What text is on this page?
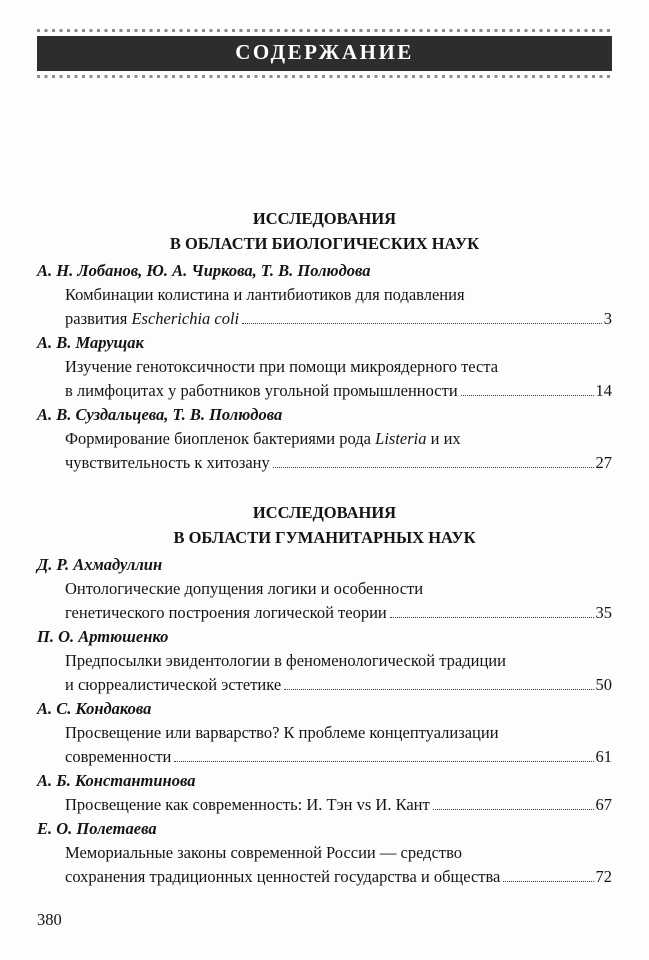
СОДЕРЖАНИЕ
ИССЛЕДОВАНИЯ
В ОБЛАСТИ БИОЛОГИЧЕСКИХ НАУК
А. Н. Лобанов, Ю. А. Чиркова, Т. В. Полюдова
Комбинации колистина и лантибиотиков для подавления
развития Escherichia coli	3
А. В. Марущак
Изучение генотоксичности при помощи микроядерного теста
в лимфоцитах у работников угольной промышленности	14
А. В. Суздальцева, Т. В. Полюдова
Формирование биопленок бактериями рода Listeria и их
чувствительность к хитозану	27
ИССЛЕДОВАНИЯ
В ОБЛАСТИ ГУМАНИТАРНЫХ НАУК
Д. Р. Ахмадуллин
Онтологические допущения логики и особенности
генетического построения логической теории	35
П. О. Артюшенко
Предпосылки эвидентологии в феноменологической традиции
и сюрреалистической эстетике	50
А. С. Кондакова
Просвещение или варварство? К проблеме концептуализации
современности	61
А. Б. Константинова
Просвещение как современность: И. Тэн vs И. Кант	67
Е. О. Полетаева
Мемориальные законы современной России — средство
сохранения традиционных ценностей государства и общества	72
380
